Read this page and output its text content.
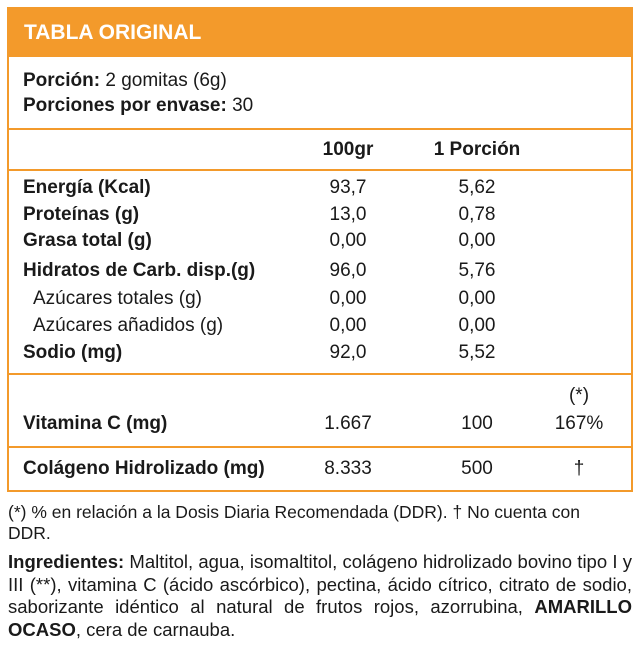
TABLA ORIGINAL
Porción: 2 gomitas (6g)
Porciones por envase: 30
100gr	1 Porción
Energía (Kcal)	93,7	5,62
Proteínas (g)	13,0	0,78
Grasa total (g)	0,00	0,00
Hidratos de Carb. disp.(g)	96,0	5,76
Azúcares totales (g)	0,00	0,00
Azúcares añadidos (g)	0,00	0,00
Sodio (mg)	92,0	5,52
(*)
Vitamina C (mg)	1.667	100	167%
Colágeno Hidrolizado (mg)	8.333	500	†
(*) % en relación a la Dosis Diaria Recomendada (DDR). † No cuenta con
DDR.
Ingredientes: Maltitol, agua, isomaltitol, colágeno hidrolizado bovino tipo I y III (**), vitamina C (ácido ascórbico), pectina, ácido cítrico, citrato de sodio, saborizante idéntico al natural de frutos rojos, azorrubina, AMARILLO OCASO, cera de carnauba.
